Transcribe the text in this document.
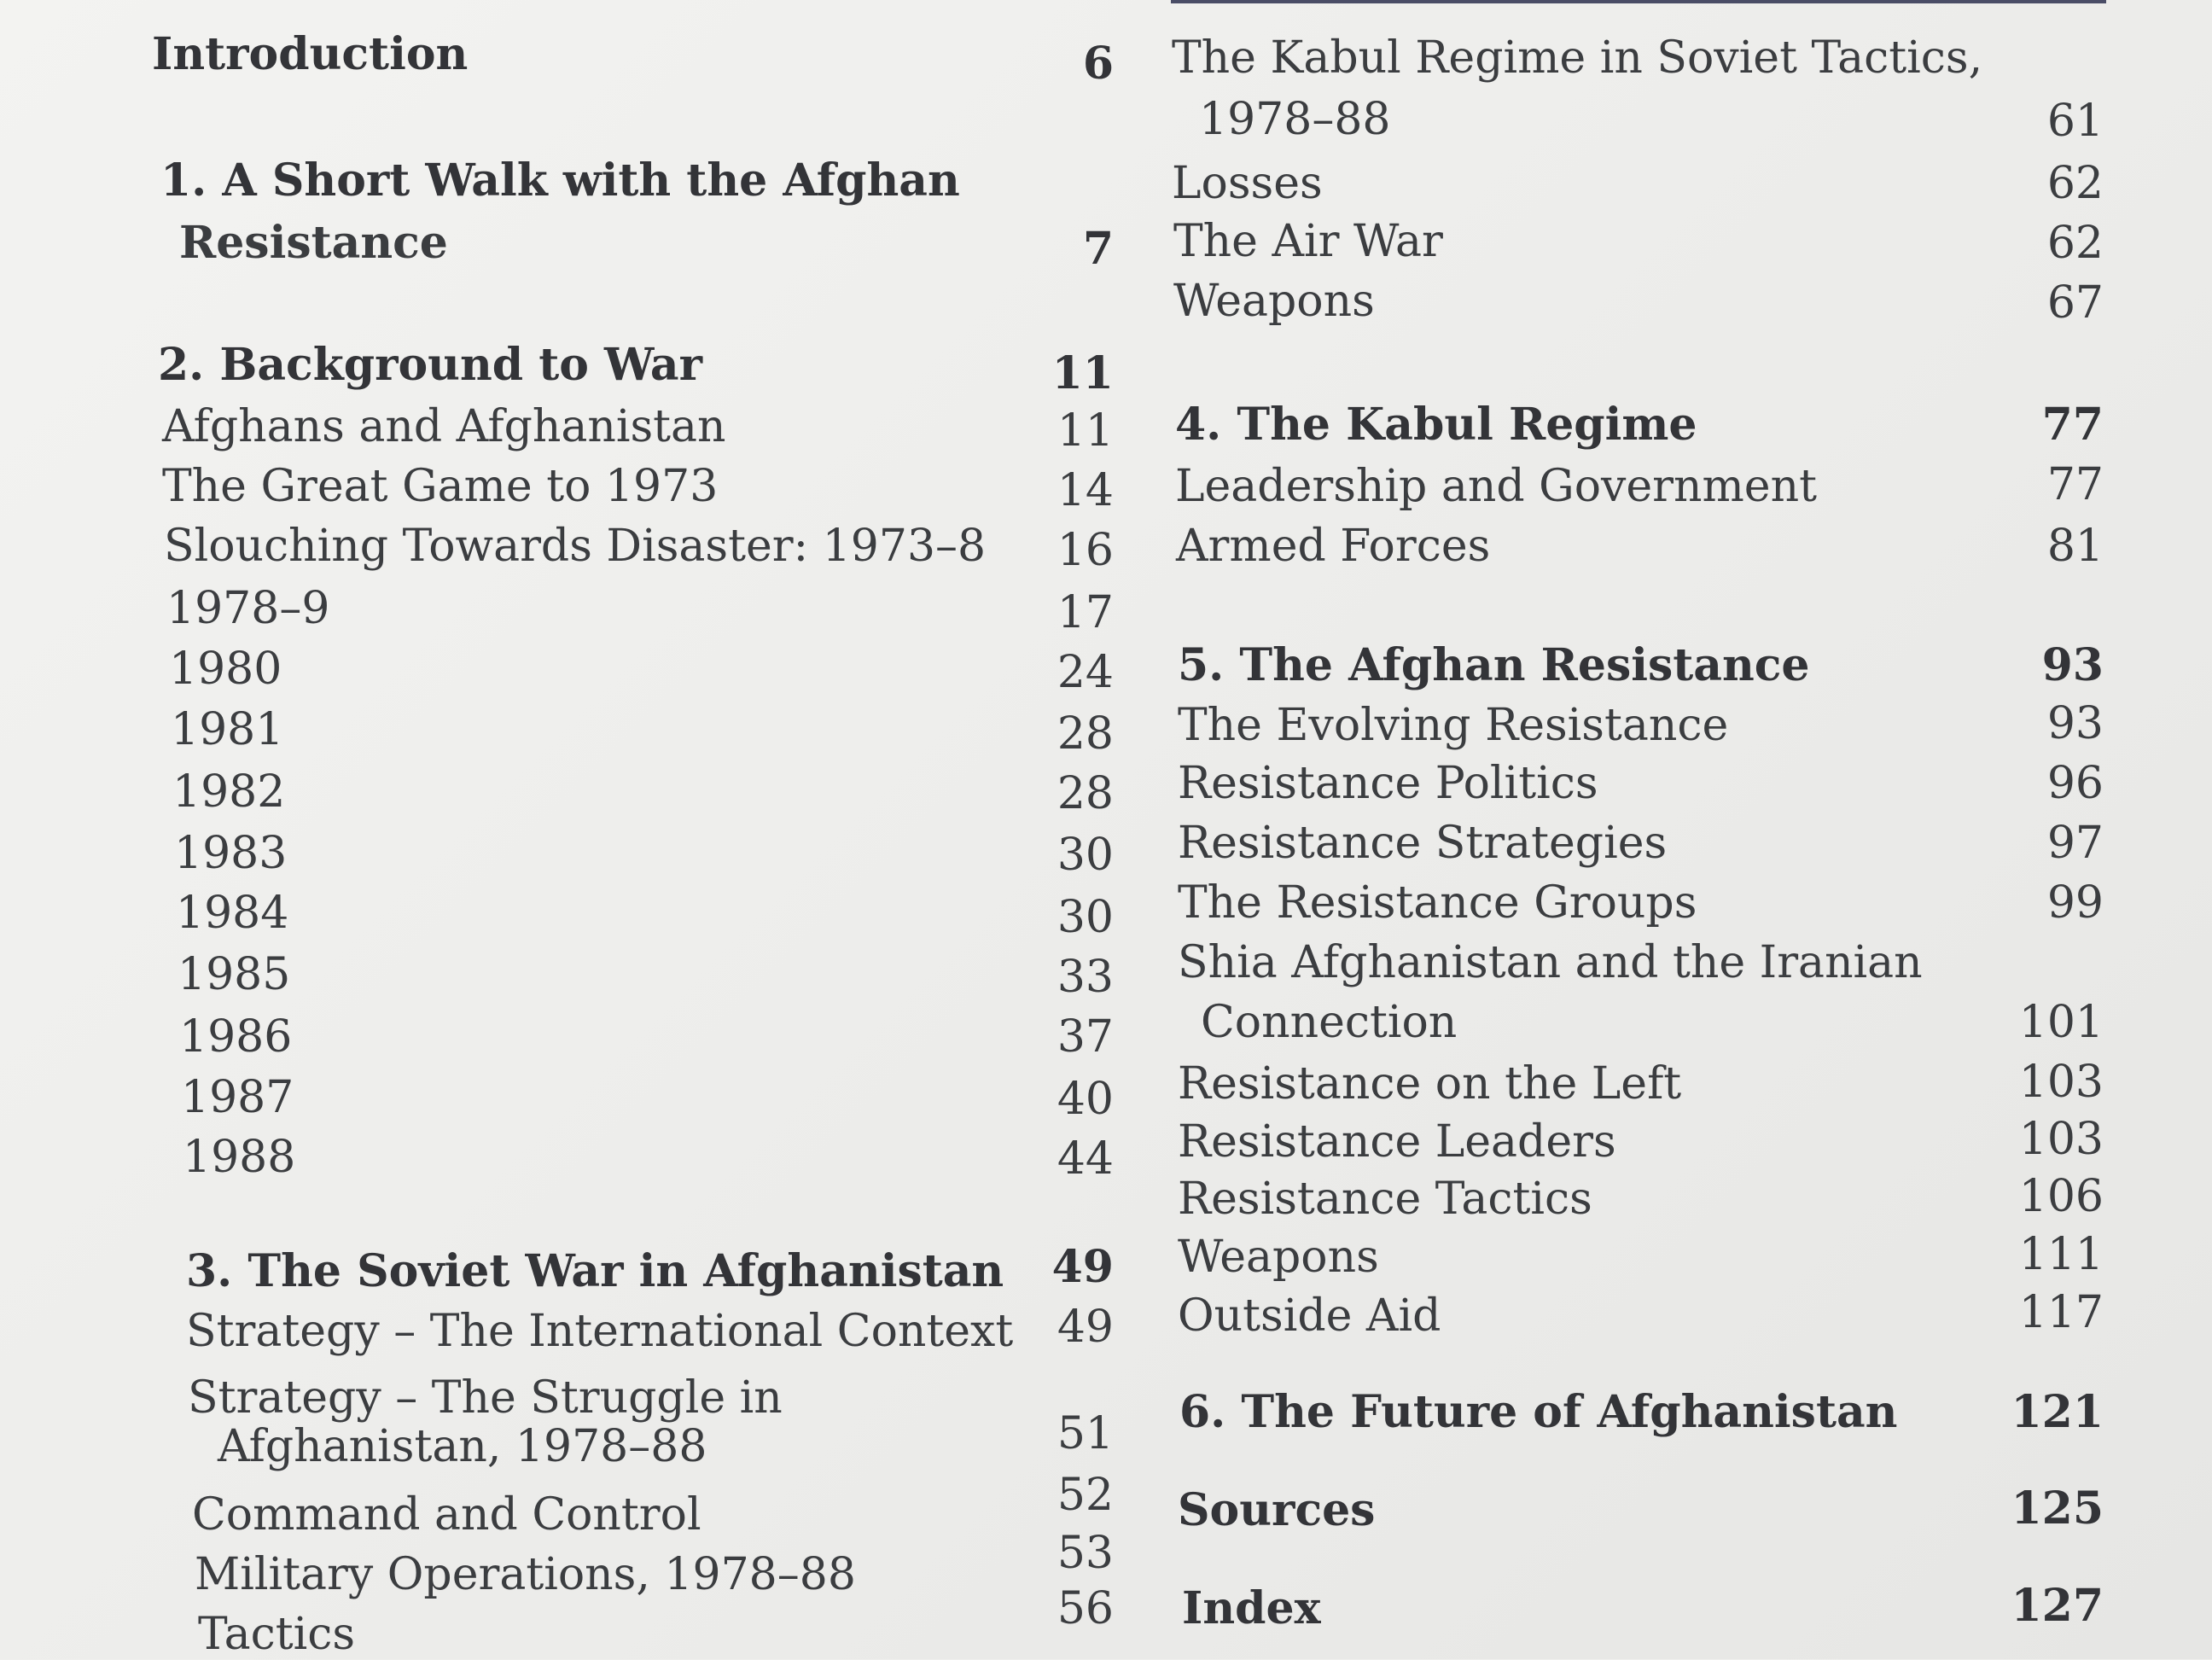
Introduction	6
1. A Short Walk with the Afghan
Resistance	7
2. Background to War	11
Afghans and Afghanistan	11
The Great Game to 1973	14
Slouching Towards Disaster: 1973–8 16
1978–9	17
1980	24
1981	28
1982	28
1983	30
1984	30
1985	33
1986	37
1987	40
1988	44
3. The Soviet War in Afghanistan 49
Strategy – The International Context 49
Strategy – The Struggle in
Afghanistan, 1978–88	51
Command and Control	52
Military Operations, 1978–88	53
Tactics	56
The Kabul Regime in Soviet Tactics,
1978–88	61
Losses	62
The Air War	62
Weapons	67
4. The Kabul Regime	77
Leadership and Government	77
Armed Forces	81
5. The Afghan Resistance	93
The Evolving Resistance	93
Resistance Politics	96
Resistance Strategies	97
The Resistance Groups	99
Shia Afghanistan and the Iranian
Connection	101
Resistance on the Left	103
Resistance Leaders	103
Resistance Tactics	106
Weapons	111
Outside Aid	117
6. The Future of Afghanistan	121
Sources	125
Index	127
